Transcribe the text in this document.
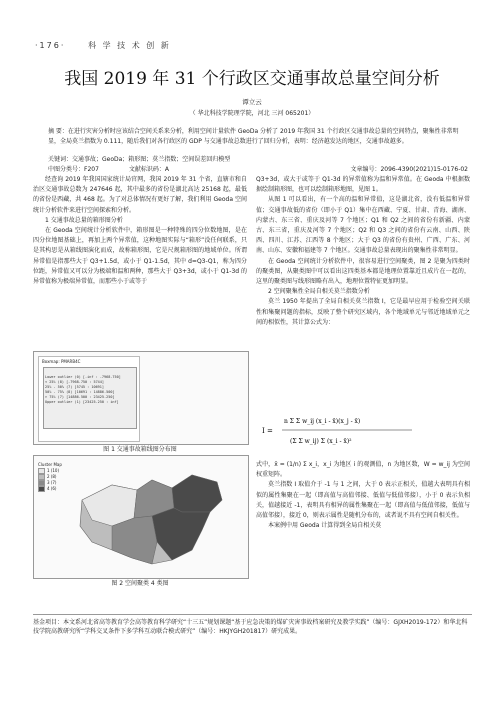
·176·	科 学 技 术 创 新
我国 2019 年 31 个行政区交通事故总量空间分析
谭立云
（ 华北科技学院理学院，河北 三河 065201）
摘 要：在进行灾害分析时应该结合空间关系来分析，利用空间计量软件 GeoDa 分析了 2019 年我国 31 个行政区交通事故总量的空间特点，聚集性非常明显，全局莫兰指数为 0.111，随后我们对各行政区的 GDP 与交通事故总数进行了回归分析，表明：经济越发达的地区，交通事故越多。
关键词：交通事故；GeoDa；箱形图；莫兰指数；空间误差回归模型
中图分类号：F207	文献标识码：A	文章编号：2096-4390(2021)15-0176-02

经查询 2019 年我国国家统计局官网，我国 2019 年 31 个省，直辖市和自治区交通事故总数为 247646 起，其中最多的省份是湖北高达 25168 起，最低的省份是西藏，共 468 起。为了对总体情况有更好了解，我们利用 Geoda 空间统计分析软件来进行空间探索和分析。

1 交通事故总量的箱形图分析

在 Geoda 空间统计分析软件中，箱形图是一种特殊的四分位数地图，是在四分位地图基础上，再加上两个异常值，这种地图实际与“箱形”没任何联系，只是其构思是从箱线图演化而成，故称箱形图，它是尺规箱形图的地域单位。所谓异常值是指那些大于 Q3+1.5d，或小于 Q1-1.5d，其中 d=Q3-Q1，称为四分位距，异常值又可以分为极端和温和两种，那些大于 Q3+3d，或小于 Q1-3d 的异常值称为极端异常值，而那些小于或等于

Q3+3d，或大于或等于 Q1-3d 的异常值称为温和异常值。在 Geoda 中根据数据绘制箱形图，也可以绘制箱形地图，见图 1。

从图 1 可以看出，有一个高的温和异常值，这是湖北省，没有低温和异常值；交通事故低的省份（即小于 Q1）集中在西藏、宁夏、甘肃、青海、湖南、内蒙古、东三省、重庆及河等 7 个地区；Q1 和 Q2 之间的省份有新疆、内蒙古、东三省，重庆及河等 7 个地区；Q2 和 Q3 之间的省份有云南、山西、陕西、四川、江苏、江西等 8 个地区；大于 Q3 的省份有贵州、广西、广东、河南、山东、安徽和福建等 7 个地区。交通事故总量表现出的聚集性非常明显。

在 Geoda 空间统计分析软件中，很容易进行空间聚类，图 2 是聚为四类时的聚类图，从聚类图中可以看出这四类基本都是地理位置靠近且成片在一起的，这里的聚类图与线形图略有出入，地理位置特征更加明显。

2 空间聚集性全局自相关莫兰指数分析

莫兰 1950 年提出了全局自相关莫兰指数 I，它是最早应用于检验空间关联性和集聚问题的指标，反映了整个研究区域内，各个地域单元与邻近地域单元之间的相似性，其计算公式为：

I =
n Σ Σ w_ij (x_i - x̄)(x_j - x̄)
(Σ Σ w_ij) Σ (x_i - x̄)²

式中，x̄ = (1/n) Σ x_i，x_i 为地区 i 的观测值，n 为地区数，W = w_ij 为空间权重矩阵。

莫兰指数 I 取值介于 -1 与 1 之间，大于 0 表示正相关，值越大表明具有相似的属性集聚在一起（即高值与高值邻接、低值与低值邻接），小于 0 表示负相关，值越接近 -1，表明具有相异的属性集聚在一起（即高值与低值邻接，低值与高值邻接），接近 0，则表示属性是随机分布的，或者说不具有空间自相关性。

本案例中用 Geoda 计算得到全局自相关莫

Boxmap: PMARB4C
Lower outlier (0) [-inf : -7968.750]
< 25% (8) [-7968.750 : 5744]
25% - 50% (7) [5745 : 10691]
50% - 75% (8) [10691 : 14886.500]
> 75% (7) [14886.500 : 23425.250]
Upper outlier (1) [23425.250 : inf]
图 1 交通事故箱线图分布图
Cluster Map
1 (10)
2 (8)
3 (7)
4 (6)
图 2 空间聚类 4 类图
基金项目：本文系河北省高等教育学会高等教育科学研究“十三五”规划课题“基于应急决策的煤矿灾害事故档案研究及教学实践”（编号：GJXH2019-172）和华北科技学院高教研究所“学科交叉条件下多学科互动联合模式研究”（编号：HKJYGH201817）研究成果。
